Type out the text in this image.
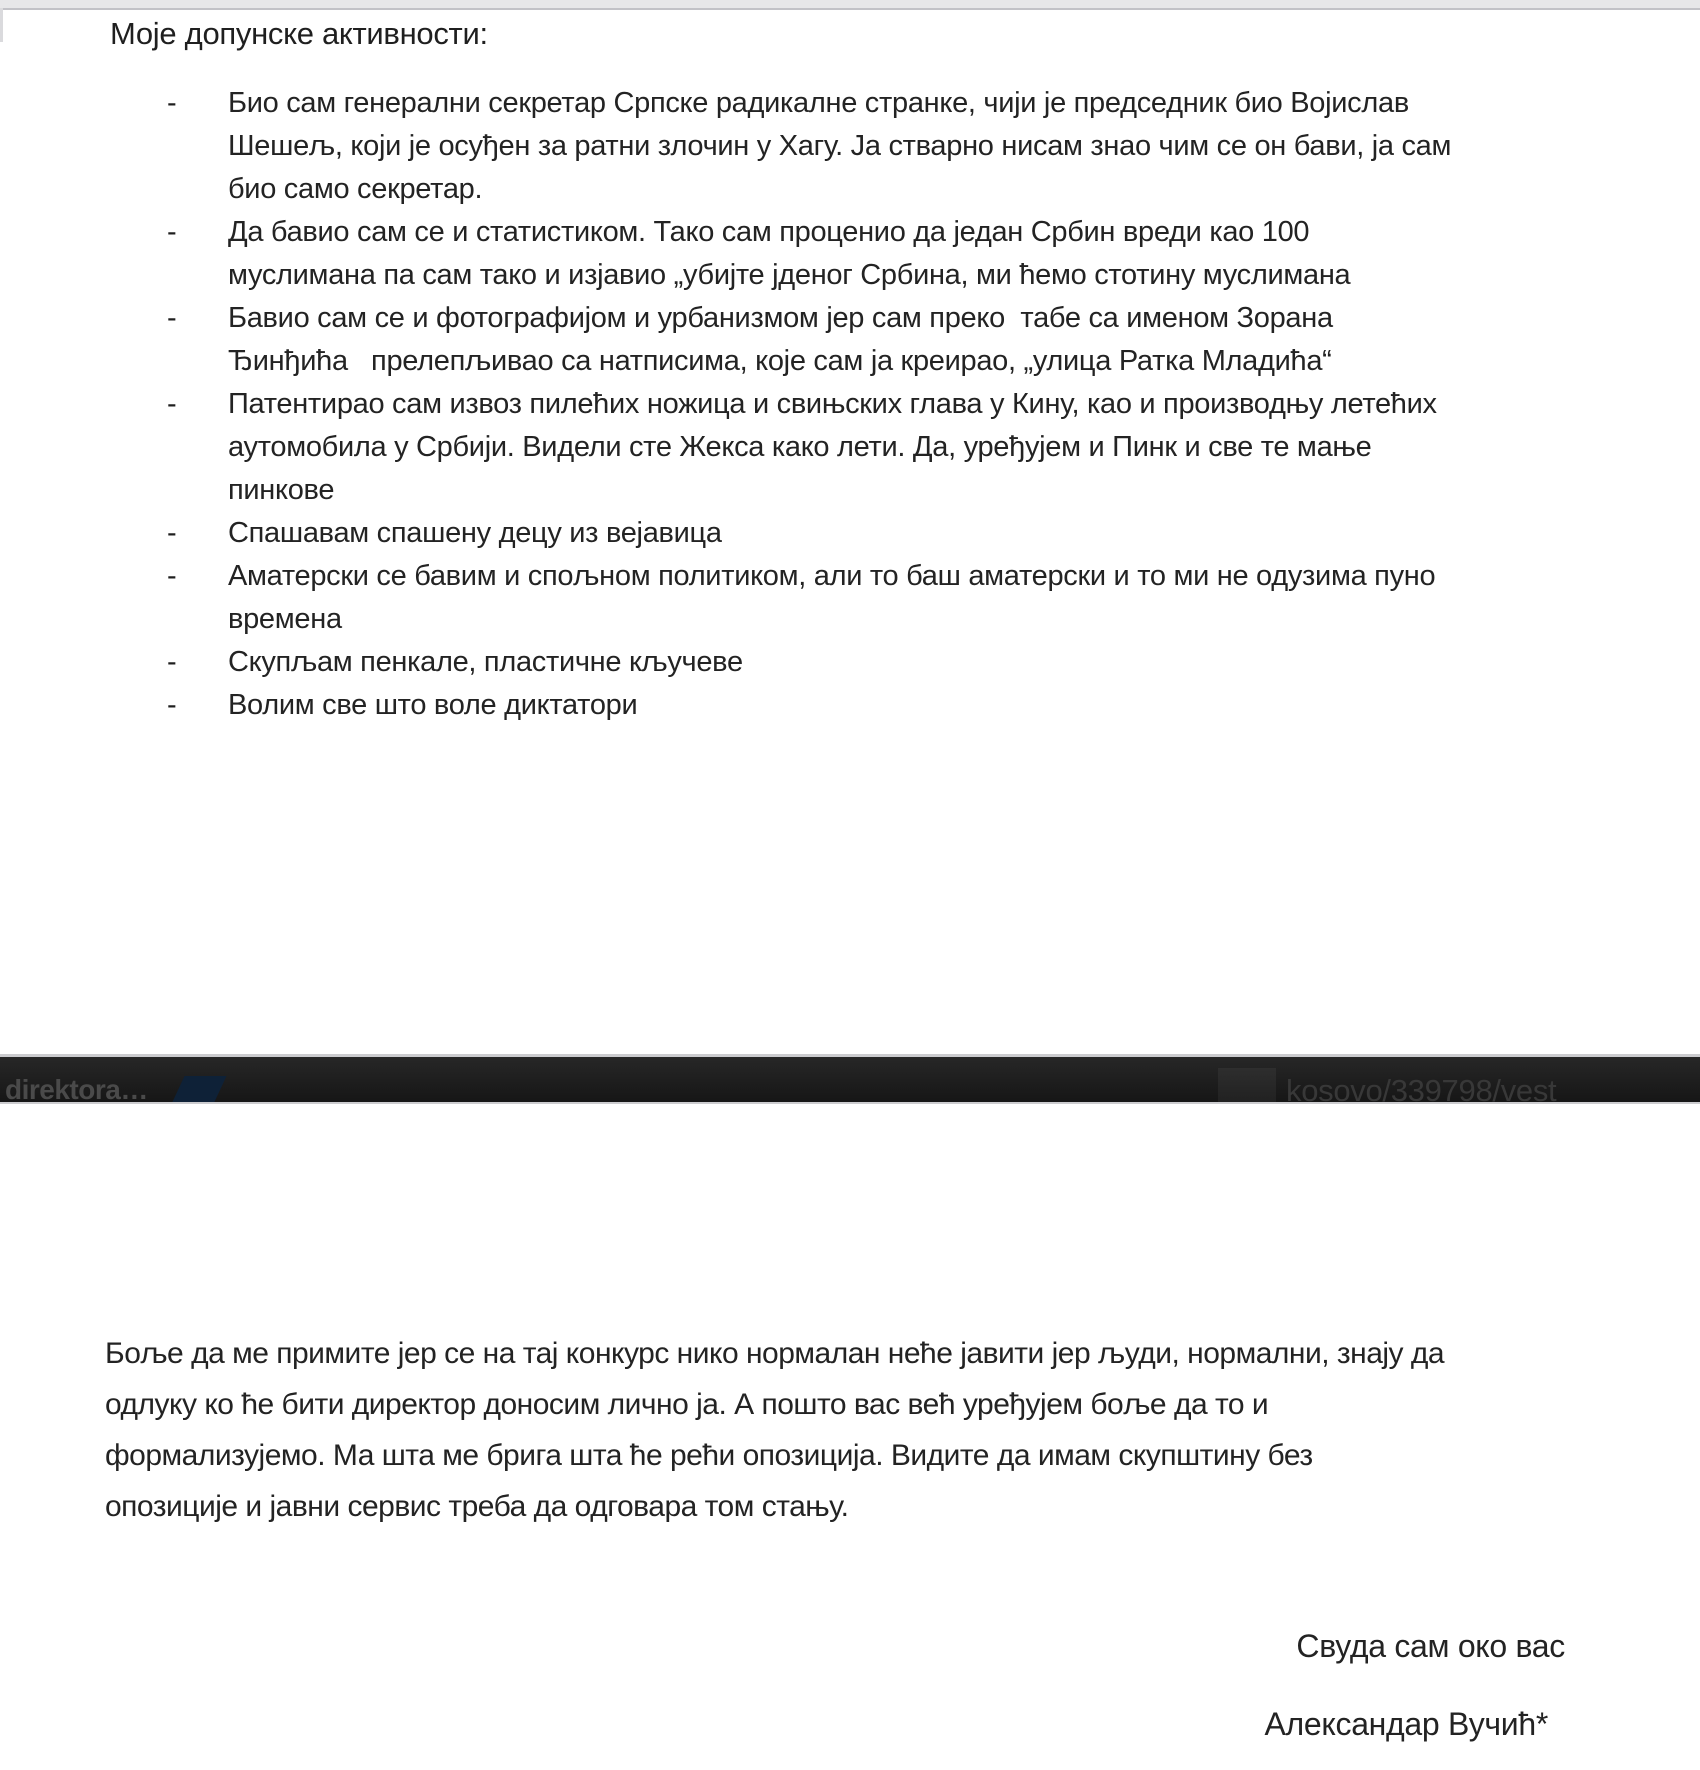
Моје допунске активности:
-	Био сам генерални секретар Српске радикалне странке, чији је председник био Војислав
Шешељ, који је осуђен за ратни злочин у Хагу. Ја стварно нисам знао чим се он бави, ја сам
био само секретар.
-	Да бавио сам се и статистиком. Тако сам проценио да један Србин вреди као 100
муслимана па сам тако и изјавио „убијте јденог Србина, ми ћемо стотину муслимана
-	Бавио сам се и фотографијом и урбанизмом јер сам преко  табе са именом Зорана
Ђинђића   прелепљивао са натписима, које сам ја креирао, „улица Ратка Младића“
-	Патентирао сам извоз пилећих ножица и свињских глава у Кину, као и производњу летећих
аутомобила у Србији. Видели сте Жекса како лети. Да, уређујем и Пинк и све те мање
пинкове
-	Спашавам спашену децу из вејавица
-	Аматерски се бавим и спољном политиком, али то баш аматерски и то ми не одузима пуно
времена
-	Скупљам пенкале, пластичне кључеве
-	Волим све што воле диктатори
direktora…	kosovo/339798/vest
Боље да ме примите јер се на тај конкурс нико нормалан неће јавити јер људи, нормални, знају да
одлуку ко ће бити директор доносим лично ја. А пошто вас већ уређујем боље да то и
формализујемо. Ма шта ме брига шта ће рећи опозиција. Видите да имам скупштину без
опозиције и јавни сервис треба да одговара том стању.
Свуда сам око вас
Александар Вучић*
